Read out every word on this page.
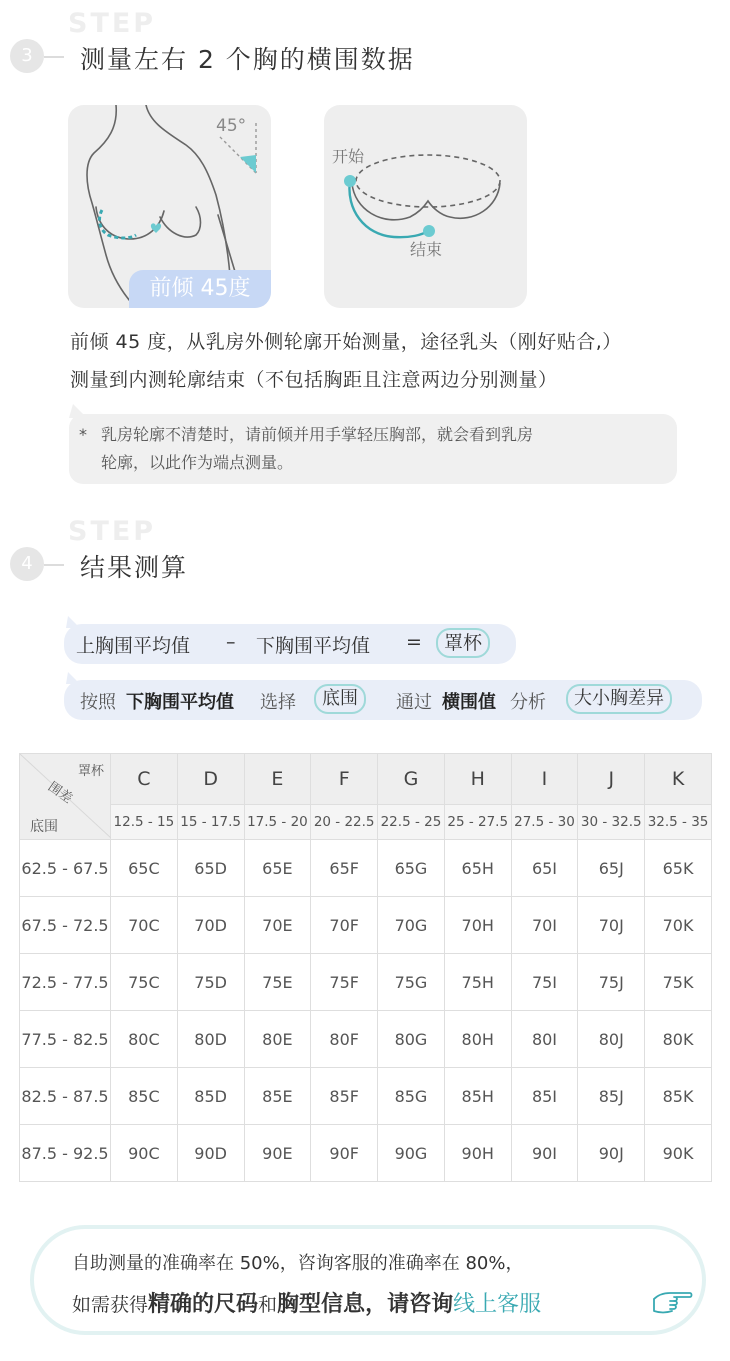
STEP
3	测量左右 2 个胸的横围数据
45°
前倾 45度
开始
结束
前倾 45 度，从乳房外侧轮廓开始测量，途径乳头（刚好贴合,）
测量到内测轮廓结束（不包括胸距且注意两边分别测量）
* 乳房轮廓不清楚时，请前倾并用手掌轻压胸部，就会看到乳房
轮廓，以此作为端点测量。
STEP
4	结果测算
上胸围平均值 – 下胸围平均值 =	罩杯
按照 下胸围平均值 选择	底围	通过 横围值 分析	大小胸差异
罩杯
围差
底围	C	D	E	F	G	H	I	J	K
	12.5 - 15	15 - 17.5	17.5 - 20	20 - 22.5	22.5 - 25	25 - 27.5	27.5 - 30	30 - 32.5	32.5 - 35
62.5 - 67.5	65C	65D	65E	65F	65G	65H	65I	65J	65K
67.5 - 72.5	70C	70D	70E	70F	70G	70H	70I	70J	70K
72.5 - 77.5	75C	75D	75E	75F	75G	75H	75I	75J	75K
77.5 - 82.5	80C	80D	80E	80F	80G	80H	80I	80J	80K
82.5 - 87.5	85C	85D	85E	85F	85G	85H	85I	85J	85K
87.5 - 92.5	90C	90D	90E	90F	90G	90H	90I	90J	90K
自助测量的准确率在 50%，咨询客服的准确率在 80%，
如需获得精确的尺码和胸型信息，请咨询线上客服
